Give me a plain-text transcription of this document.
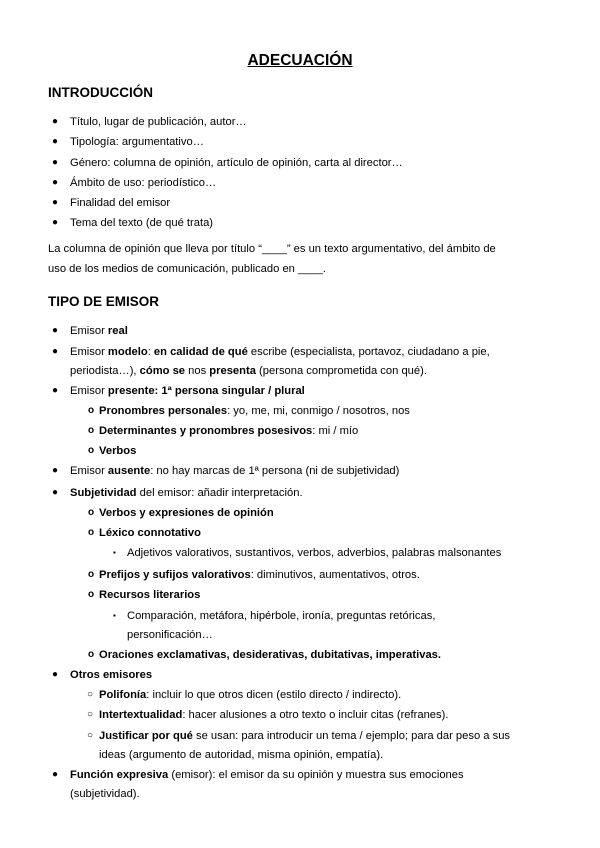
ADECUACIÓN
INTRODUCCIÓN
● Título, lugar de publicación, autor…
● Tipología: argumentativo…
● Género: columna de opinión, artículo de opinión, carta al director…
● Ámbito de uso: periodístico…
● Finalidad del emisor
● Tema del texto (de qué trata)
La columna de opinión que lleva por título “____” es un texto argumentativo, del ámbito de
uso de los medios de comunicación, publicado en ____.
TIPO DE EMISOR
● Emisor real
● Emisor modelo: en calidad de qué escribe (especialista, portavoz, ciudadano a pie,
periodista…), cómo se nos presenta (persona comprometida con qué).
● Emisor presente: 1ª persona singular / plural
o Pronombres personales: yo, me, mi, conmigo / nosotros, nos
o Determinantes y pronombres posesivos: mi / mío
o Verbos
● Emisor ausente: no hay marcas de 1ª persona (ni de subjetividad)
● Subjetividad del emisor: añadir interpretación.
o Verbos y expresiones de opinión
o Léxico connotativo
▪ Adjetivos valorativos, sustantivos, verbos, adverbios, palabras malsonantes
o Prefijos y sufijos valorativos: diminutivos, aumentativos, otros.
o Recursos literarios
▪ Comparación, metáfora, hipérbole, ironía, preguntas retóricas,
personificación…
o Oraciones exclamativas, desiderativas, dubitativas, imperativas.
● Otros emisores
○ Polifonía: incluir lo que otros dicen (estilo directo / indirecto).
○ Intertextualidad: hacer alusiones a otro texto o incluir citas (refranes).
○ Justificar por qué se usan: para introducir un tema / ejemplo; para dar peso a sus
ideas (argumento de autoridad, misma opinión, empatía).
● Función expresiva (emisor): el emisor da su opinión y muestra sus emociones
(subjetividad).
